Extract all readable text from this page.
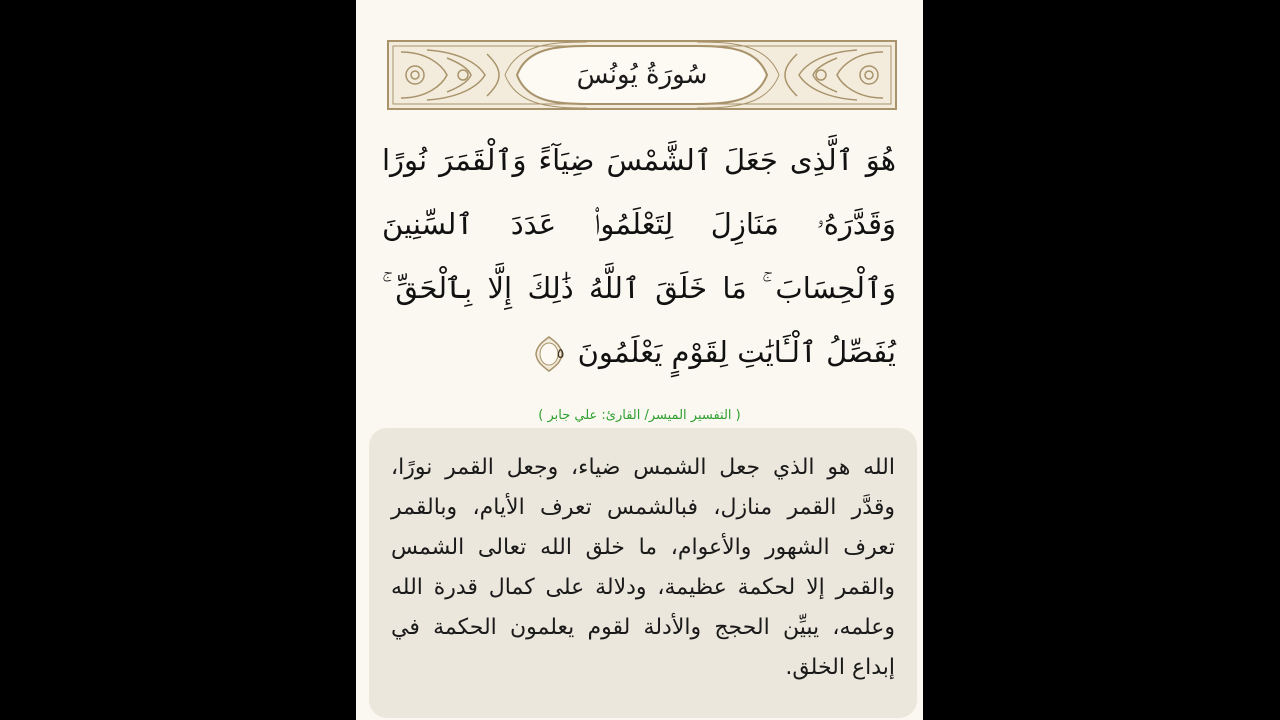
سُورَةُ يُونُسَ
هُوَ ٱلَّذِى جَعَلَ ٱلشَّمْسَ ضِيَآءً وَٱلْقَمَرَ نُورًا وَقَدَّرَهُۥ مَنَازِلَ لِتَعْلَمُوا۟ عَدَدَ ٱلسِّنِينَ وَٱلْحِسَابَ ۚ مَا خَلَقَ ٱللَّهُ ذَٰلِكَ إِلَّا بِٱلْحَقِّ ۚ يُفَصِّلُ ٱلْـَٔايَٰتِ لِقَوْمٍ يَعْلَمُونَ
٥
( التفسير الميسر/ القارئ: علي جابر )
الله هو الذي جعل الشمس ضياء، وجعل القمر نورًا، وقدَّر القمر منازل، فبالشمس تعرف الأيام، وبالقمر تعرف الشهور والأعوام، ما خلق الله تعالى الشمس والقمر إلا لحكمة عظيمة، ودلالة على كمال قدرة الله وعلمه، يبيِّن الحجج والأدلة لقوم يعلمون الحكمة في إبداع الخلق.
